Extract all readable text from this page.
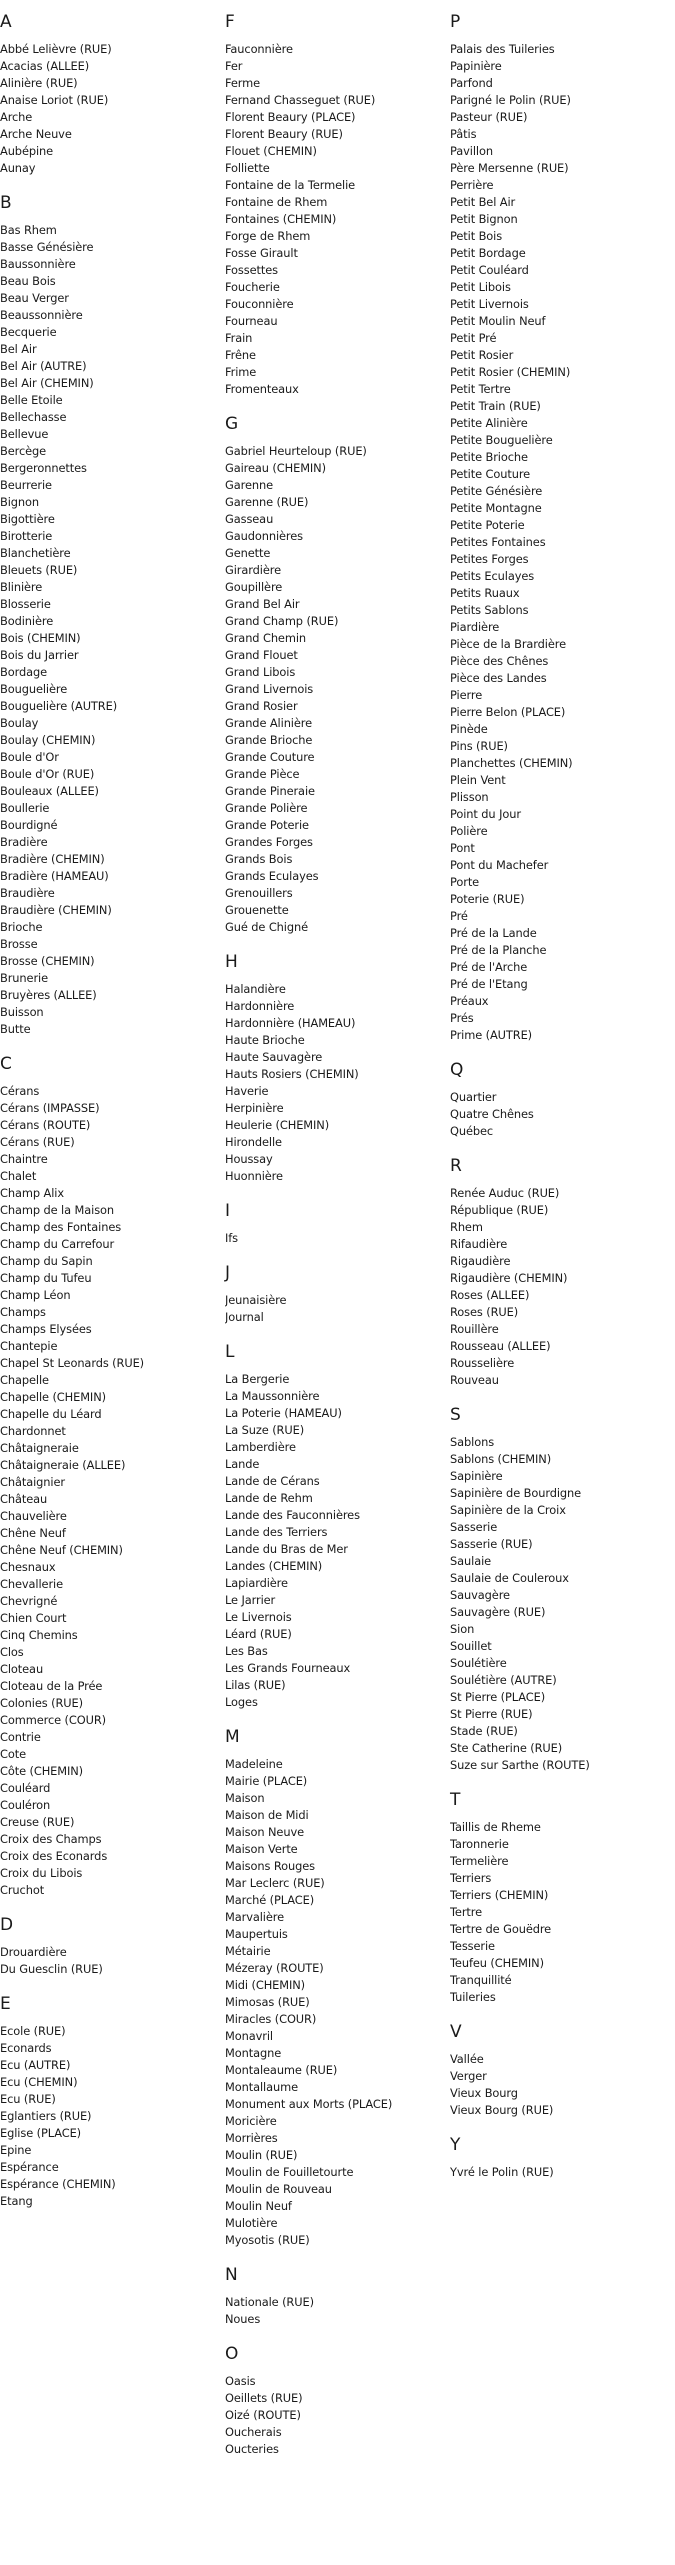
A
Abbé Lelièvre (RUE)
Acacias (ALLEE)
Alinière (RUE)
Anaise Loriot (RUE)
Arche
Arche Neuve
Aubépine
Aunay
B
Bas Rhem
Basse Génésière
Baussonnière
Beau Bois
Beau Verger
Beaussonnière
Becquerie
Bel Air
Bel Air (AUTRE)
Bel Air (CHEMIN)
Belle Etoile
Bellechasse
Bellevue
Bercège
Bergeronnettes
Beurrerie
Bignon
Bigottière
Birotterie
Blanchetière
Bleuets (RUE)
Blinière
Blosserie
Bodinière
Bois (CHEMIN)
Bois du Jarrier
Bordage
Bouguelière
Bouguelière (AUTRE)
Boulay
Boulay (CHEMIN)
Boule d'Or
Boule d'Or (RUE)
Bouleaux (ALLEE)
Boullerie
Bourdigné
Bradière
Bradière (CHEMIN)
Bradière (HAMEAU)
Braudière
Braudière (CHEMIN)
Brioche
Brosse
Brosse (CHEMIN)
Brunerie
Bruyères (ALLEE)
Buisson
Butte
C
Cérans
Cérans (IMPASSE)
Cérans (ROUTE)
Cérans (RUE)
Chaintre
Chalet
Champ Alix
Champ de la Maison
Champ des Fontaines
Champ du Carrefour
Champ du Sapin
Champ du Tufeu
Champ Léon
Champs
Champs Elysées
Chantepie
Chapel St Leonards (RUE)
Chapelle
Chapelle (CHEMIN)
Chapelle du Léard
Chardonnet
Châtaigneraie
Châtaigneraie (ALLEE)
Châtaignier
Château
Chauvelière
Chêne Neuf
Chêne Neuf (CHEMIN)
Chesnaux
Chevallerie
Chevrigné
Chien Court
Cinq Chemins
Clos
Cloteau
Cloteau de la Prée
Colonies (RUE)
Commerce (COUR)
Contrie
Cote
Côte (CHEMIN)
Couléard
Couléron
Creuse (RUE)
Croix des Champs
Croix des Econards
Croix du Libois
Cruchot
D
Drouardière
Du Guesclin (RUE)
E
Ecole (RUE)
Econards
Ecu (AUTRE)
Ecu (CHEMIN)
Ecu (RUE)
Eglantiers (RUE)
Eglise (PLACE)
Epine
Espérance
Espérance (CHEMIN)
Etang
F
Fauconnière
Fer
Ferme
Fernand Chasseguet (RUE)
Florent Beaury (PLACE)
Florent Beaury (RUE)
Flouet (CHEMIN)
Folliette
Fontaine de la Termelie
Fontaine de Rhem
Fontaines (CHEMIN)
Forge de Rhem
Fosse Girault
Fossettes
Foucherie
Fouconnière
Fourneau
Frain
Frêne
Frime
Fromenteaux
G
Gabriel Heurteloup (RUE)
Gaireau (CHEMIN)
Garenne
Garenne (RUE)
Gasseau
Gaudonnières
Genette
Girardière
Goupillère
Grand Bel Air
Grand Champ (RUE)
Grand Chemin
Grand Flouet
Grand Libois
Grand Livernois
Grand Rosier
Grande Alinière
Grande Brioche
Grande Couture
Grande Pièce
Grande Pineraie
Grande Polière
Grande Poterie
Grandes Forges
Grands Bois
Grands Eculayes
Grenouillers
Grouenette
Gué de Chigné
H
Halandière
Hardonnière
Hardonnière (HAMEAU)
Haute Brioche
Haute Sauvagère
Hauts Rosiers (CHEMIN)
Haverie
Herpinière
Heulerie (CHEMIN)
Hirondelle
Houssay
Huonnière
I
Ifs
J
Jeunaisière
Journal
L
La Bergerie
La Maussonnière
La Poterie (HAMEAU)
La Suze (RUE)
Lamberdière
Lande
Lande de Cérans
Lande de Rehm
Lande des Fauconnières
Lande des Terriers
Lande du Bras de Mer
Landes (CHEMIN)
Lapiardière
Le Jarrier
Le Livernois
Léard (RUE)
Les Bas
Les Grands Fourneaux
Lilas (RUE)
Loges
M
Madeleine
Mairie (PLACE)
Maison
Maison de Midi
Maison Neuve
Maison Verte
Maisons Rouges
Mar Leclerc (RUE)
Marché (PLACE)
Marvalière
Maupertuis
Métairie
Mézeray (ROUTE)
Midi (CHEMIN)
Mimosas (RUE)
Miracles (COUR)
Monavril
Montagne
Montaleaume (RUE)
Montallaume
Monument aux Morts (PLACE)
Moricière
Morrières
Moulin (RUE)
Moulin de Fouilletourte
Moulin de Rouveau
Moulin Neuf
Mulotière
Myosotis (RUE)
N
Nationale (RUE)
Noues
O
Oasis
Oeillets (RUE)
Oizé (ROUTE)
Oucherais
Oucteries
P
Palais des Tuileries
Papinière
Parfond
Parigné le Polin (RUE)
Pasteur (RUE)
Pâtis
Pavillon
Père Mersenne (RUE)
Perrière
Petit Bel Air
Petit Bignon
Petit Bois
Petit Bordage
Petit Couléard
Petit Libois
Petit Livernois
Petit Moulin Neuf
Petit Pré
Petit Rosier
Petit Rosier (CHEMIN)
Petit Tertre
Petit Train (RUE)
Petite Alinière
Petite Bouguelière
Petite Brioche
Petite Couture
Petite Génésière
Petite Montagne
Petite Poterie
Petites Fontaines
Petites Forges
Petits Eculayes
Petits Ruaux
Petits Sablons
Piardière
Pièce de la Brardière
Pièce des Chênes
Pièce des Landes
Pierre
Pierre Belon (PLACE)
Pinède
Pins (RUE)
Planchettes (CHEMIN)
Plein Vent
Plisson
Point du Jour
Polière
Pont
Pont du Machefer
Porte
Poterie (RUE)
Pré
Pré de la Lande
Pré de la Planche
Pré de l'Arche
Pré de l'Etang
Préaux
Prés
Prime (AUTRE)
Q
Quartier
Quatre Chênes
Québec
R
Renée Auduc (RUE)
République (RUE)
Rhem
Rifaudière
Rigaudière
Rigaudière (CHEMIN)
Roses (ALLEE)
Roses (RUE)
Rouillère
Rousseau (ALLEE)
Rousselière
Rouveau
S
Sablons
Sablons (CHEMIN)
Sapinière
Sapinière de Bourdigne
Sapinière de la Croix
Sasserie
Sasserie (RUE)
Saulaie
Saulaie de Couleroux
Sauvagère
Sauvagère (RUE)
Sion
Souillet
Soulétière
Soulétière (AUTRE)
St Pierre (PLACE)
St Pierre (RUE)
Stade (RUE)
Ste Catherine (RUE)
Suze sur Sarthe (ROUTE)
T
Taillis de Rheme
Taronnerie
Termelière
Terriers
Terriers (CHEMIN)
Tertre
Tertre de Gouëdre
Tesserie
Teufeu (CHEMIN)
Tranquillité
Tuileries
V
Vallée
Verger
Vieux Bourg
Vieux Bourg (RUE)
Y
Yvré le Polin (RUE)
